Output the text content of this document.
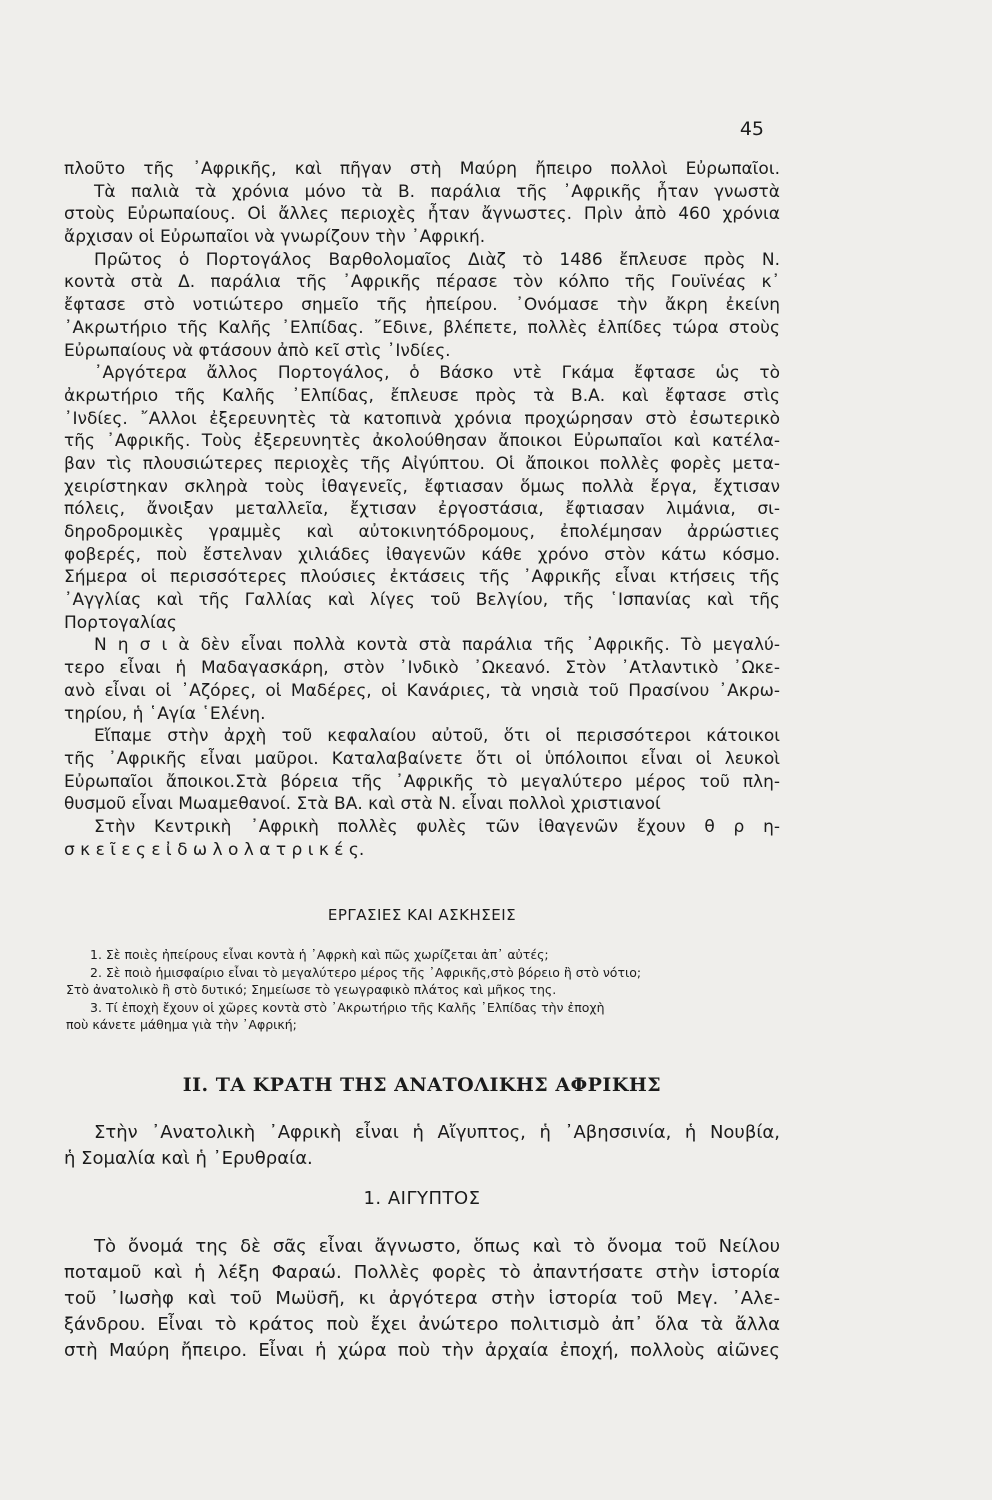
45
πλοῦτο τῆς ᾿Αφρικῆς, καὶ πῆγαν στὴ Μαύρη ἤπειρο πολλοὶ Εὐρωπαῖοι.
Τὰ παλιὰ τὰ χρόνια μόνο τὰ Β. παράλια τῆς ᾿Αφρικῆς ἦταν γνωστὰ
στοὺς Εὐρωπαίους. Οἱ ἄλλες περιοχὲς ἦταν ἄγνωστες. Πρὶν ἀπὸ 460 χρόνια
ἄρχισαν οἱ Εὐρωπαῖοι νὰ γνωρίζουν τὴν ᾿Αφρική.
Πρῶτος ὁ Πορτογάλος Βαρθολομαῖος Διὰζ τὸ 1486 ἔπλευσε πρὸς Ν.
κοντὰ στὰ Δ. παράλια τῆς ᾿Αφρικῆς πέρασε τὸν κόλπο τῆς Γουϊνέας κ᾿
ἔφτασε στὸ νοτιώτερο σημεῖο τῆς ἠπείρου. ᾿Ονόμασε τὴν ἄκρη ἐκείνη
᾿Ακρωτήριο τῆς Καλῆς ᾿Ελπίδας. ῎Εδινε, βλέπετε, πολλὲς ἐλπίδες τώρα στοὺς
Εὐρωπαίους νὰ φτάσουν ἀπὸ κεῖ στὶς ᾿Ινδίες.
᾿Αργότερα ἄλλος Πορτογάλος, ὁ Βάσκο ντὲ Γκάμα ἔφτασε ὡς τὸ
ἀκρωτήριο τῆς Καλῆς ᾿Ελπίδας, ἔπλευσε πρὸς τὰ Β.Α. καὶ ἔφτασε στὶς
᾿Ινδίες. ῎Αλλοι ἐξερευνητὲς τὰ κατοπινὰ χρόνια προχώρησαν στὸ ἐσωτερικὸ
τῆς ᾿Αφρικῆς. Τοὺς ἐξερευνητὲς ἀκολούθησαν ἄποικοι Εὐρωπαῖοι καὶ κατέλα-
βαν τὶς πλουσιώτερες περιοχὲς τῆς Αἰγύπτου. Οἱ ἄποικοι πολλὲς φορὲς μετα-
χειρίστηκαν σκληρὰ τοὺς ἰθαγενεῖς, ἔφτιασαν ὅμως πολλὰ ἔργα, ἔχτισαν
πόλεις, ἄνοιξαν μεταλλεῖα, ἔχτισαν ἐργοστάσια, ἔφτιασαν λιμάνια, σι-
δηροδρομικὲς γραμμὲς καὶ αὐτοκινητόδρομους, ἐπολέμησαν ἀρρώστιες
φοβερές, ποὺ ἔστελναν χιλιάδες ἰθαγενῶν κάθε χρόνο στὸν κάτω κόσμο.
Σήμερα οἱ περισσότερες πλούσιες ἐκτάσεις τῆς ᾿Αφρικῆς εἶναι κτήσεις τῆς
᾿Αγγλίας καὶ τῆς Γαλλίας καὶ λίγες τοῦ Βελγίου, τῆς ῾Ισπανίας καὶ τῆς
Πορτογαλίας
Ν η σ ι ὰ δὲν εἶναι πολλὰ κοντὰ στὰ παράλια τῆς ᾿Αφρικῆς. Τὸ μεγαλύ-
τερο εἶναι ἡ Μαδαγασκάρη, στὸν ᾿Ινδικὸ ᾿Ωκεανό. Στὸν ᾿Ατλαντικὸ ᾿Ωκε-
ανὸ εἶναι οἱ ᾿Αζόρες, οἱ Μαδέρες, οἱ Κανάριες, τὰ νησιὰ τοῦ Πρασίνου ᾿Ακρω-
τηρίου, ἡ ῾Αγία ῾Ελένη.
Εἴπαμε στὴν ἀρχὴ τοῦ κεφαλαίου αὐτοῦ, ὅτι οἱ περισσότεροι κάτοικοι
τῆς ᾿Αφρικῆς εἶναι μαῦροι. Καταλαβαίνετε ὅτι οἱ ὑπόλοιποι εἶναι οἱ λευκοὶ
Εὐρωπαῖοι ἄποικοι.Στὰ βόρεια τῆς ᾿Αφρικῆς τὸ μεγαλύτερο μέρος τοῦ πλη-
θυσμοῦ εἶναι Μωαμεθανοί. Στὰ ΒΑ. καὶ στὰ Ν. εἶναι πολλοὶ χριστιανοί
Στὴν Κεντρικὴ ᾿Αφρικὴ πολλὲς φυλὲς τῶν ἰθαγενῶν ἔχουν θ ρ η-
σ κ ε ῖ ε ς ε ἰ δ ω λ ο λ α τ ρ ι κ έ ς.
ΕΡΓΑΣΙΕΣ ΚΑΙ ΑΣΚΗΣΕΙΣ
1. Σὲ ποιὲς ἠπείρους εἶναι κοντὰ ἡ ᾿Αφρκὴ καὶ πῶς χωρίζεται ἀπ᾿ αὐτές;
2. Σὲ ποιὸ ἡμισφαίριο εἶναι τὸ μεγαλύτερο μέρος τῆς ᾿Αφρικῆς,στὸ βόρειο ἢ στὸ νότιο;
Στὸ ἀνατολικὸ ἢ στὸ δυτικό; Σημείωσε τὸ γεωγραφικὸ πλάτος καὶ μῆκος της.
3. Τί ἐποχὴ ἔχουν οἱ χῶρες κοντὰ στὸ ᾿Ακρωτήριο τῆς Καλῆς ᾿Ελπίδας τὴν ἐποχὴ
ποὺ κάνετε μάθημα γιὰ τὴν ᾿Αφρική;
II. ΤΑ ΚΡΑΤΗ ΤΗΣ ΑΝΑΤΟΛΙΚΗΣ ΑΦΡΙΚΗΣ
Στὴν ᾿Ανατολικὴ ᾿Αφρικὴ εἶναι ἡ Αἴγυπτος, ἡ ᾿Αβησσινία, ἡ Νουβία,
ἡ Σομαλία καὶ ἡ ᾿Ερυθραία.
1. ΑΙΓΥΠΤΟΣ
Τὸ ὄνομά της δὲ σᾶς εἶναι ἄγνωστο, ὅπως καὶ τὸ ὄνομα τοῦ Νείλου
ποταμοῦ καὶ ἡ λέξη Φαραώ. Πολλὲς φορὲς τὸ ἀπαντήσατε στὴν ἱστορία
τοῦ ᾿Ιωσὴφ καὶ τοῦ Μωϋσῆ, κι ἀργότερα στὴν ἱστορία τοῦ Μεγ. ᾿Αλε-
ξάνδρου. Εἶναι τὸ κράτος ποὺ ἔχει ἀνώτερο πολιτισμὸ ἀπ᾿ ὅλα τὰ ἄλλα
στὴ Μαύρη ἤπειρο. Εἶναι ἡ χώρα ποὺ τὴν ἀρχαία ἐποχή, πολλοὺς αἰῶνες
